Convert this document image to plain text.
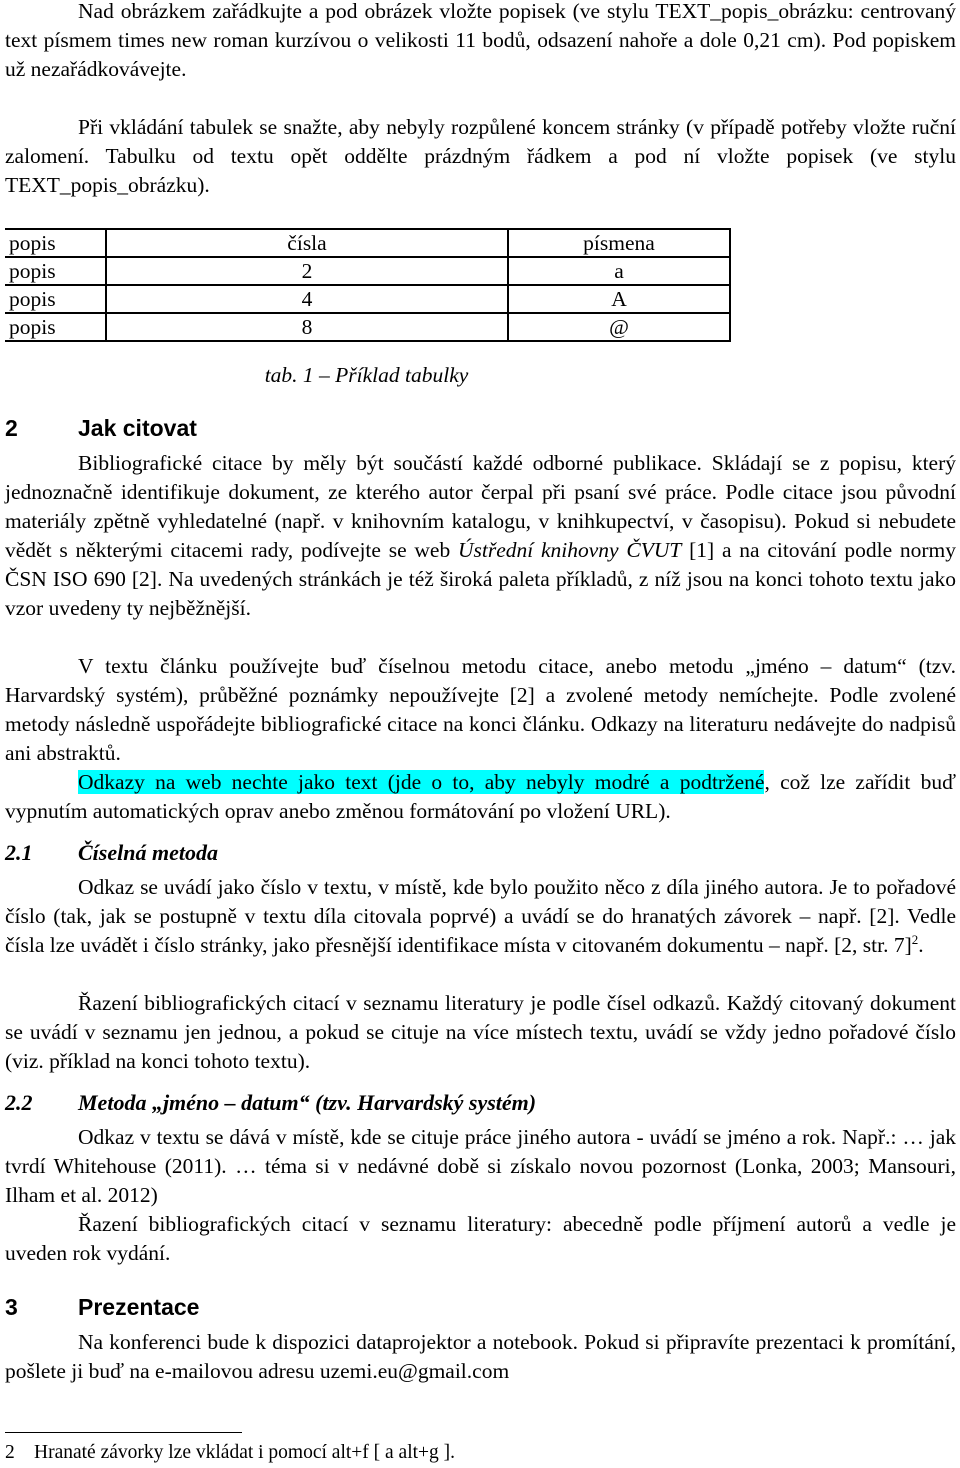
Nad obrázkem zařádkujte a pod obrázek vložte popisek (ve stylu TEXT_popis_obrázku: centrovaný text písmem times new roman kurzívou o velikosti 11 bodů, odsazení nahoře a dole 0,21 cm). Pod popiskem už nezařádkovávejte.

Při vkládání tabulek se snažte, aby nebyly rozpůlené koncem stránky (v případě potřeby vložte ruční zalomení. Tabulku od textu opět oddělte prázdným řádkem a pod ní vložte popisek (ve stylu TEXT_popis_obrázku).

popis	čísla	písmena
popis	2	a
popis	4	A
popis	8	@

tab. 1 – Příklad tabulky

2	Jak citovat

Bibliografické citace by měly být součástí každé odborné publikace. Skládají se z popisu, který jednoznačně identifikuje dokument, ze kterého autor čerpal při psaní své práce. Podle citace jsou původní materiály zpětně vyhledatelné (např. v knihovním katalogu, v knihkupectví, v časopisu). Pokud si nebudete vědět s některými citacemi rady, podívejte se web Ústřední knihovny ČVUT [1] a na citování podle normy ČSN ISO 690 [2]. Na uvedených stránkách je též široká paleta příkladů, z níž jsou na konci tohoto textu jako vzor uvedeny ty nejběžnější.

V textu článku používejte buď číselnou metodu citace, anebo metodu „jméno – datum“ (tzv. Harvardský systém), průběžné poznámky nepoužívejte [2] a zvolené metody nemíchejte. Podle zvolené metody následně uspořádejte bibliografické citace na konci článku. Odkazy na literaturu nedávejte do nadpisů ani abstraktů.

Odkazy na web nechte jako text (jde o to, aby nebyly modré a podtržené, což lze zařídit buď vypnutím automatických oprav anebo změnou formátování po vložení URL).

2.1 Číselná metoda

Odkaz se uvádí jako číslo v textu, v místě, kde bylo použito něco z díla jiného autora. Je to pořadové číslo (tak, jak se postupně v textu díla citovala poprvé) a uvádí se do hranatých závorek – např. [2]. Vedle čísla lze uvádět i číslo stránky, jako přesnější identifikace místa v citovaném dokumentu – např. [2, str. 7]$^2$.

Řazení bibliografických citací v seznamu literatury je podle čísel odkazů. Každý citovaný dokument se uvádí v seznamu jen jednou, a pokud se cituje na více místech textu, uvádí se vždy jedno pořadové číslo (viz. příklad na konci tohoto textu).

2.2 Metoda „jméno – datum“ (tzv. Harvardský systém)

Odkaz v textu se dává v místě, kde se cituje práce jiného autora - uvádí se jméno a rok. Např.: … jak tvrdí Whitehouse (2011). … téma si v nedávné době si získalo novou pozornost (Lonka, 2003; Mansouri, Ilham et al. 2012)

Řazení bibliografických citací v seznamu literatury: abecedně podle příjmení autorů a vedle je uveden rok vydání.

3	Prezentace

Na konferenci bude k dispozici dataprojektor a notebook. Pokud si připravíte prezentaci k promítání, pošlete ji buď na e-mailovou adresu uzemi.eu@gmail.com

2 Hranaté závorky lze vkládat i pomocí alt+f [ a alt+g ].
